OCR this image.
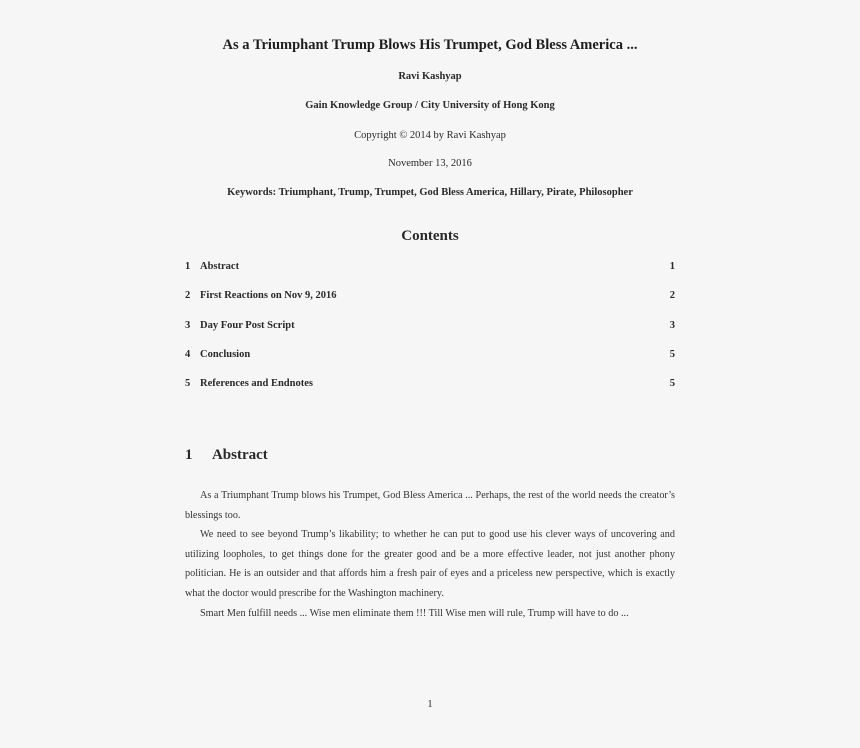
As a Triumphant Trump Blows His Trumpet, God Bless America ...
Ravi Kashyap
Gain Knowledge Group / City University of Hong Kong
Copyright © 2014 by Ravi Kashyap
November 13, 2016
Keywords: Triumphant, Trump, Trumpet, God Bless America, Hillary, Pirate, Philosopher
Contents
1 Abstract	1
2 First Reactions on Nov 9, 2016	2
3 Day Four Post Script	3
4 Conclusion	5
5 References and Endnotes	5
1 Abstract

As a Triumphant Trump blows his Trumpet, God Bless America ... Perhaps, the rest of the world needs the creator’s blessings too.

We need to see beyond Trump’s likability; to whether he can put to good use his clever ways of uncovering and utilizing loopholes, to get things done for the greater good and be a more effective leader, not just another phony politician. He is an outsider and that affords him a fresh pair of eyes and a priceless new perspective, which is exactly what the doctor would prescribe for the Washington machinery.

Smart Men fulfill needs ... Wise men eliminate them !!! Till Wise men will rule, Trump will have to do ...

1
